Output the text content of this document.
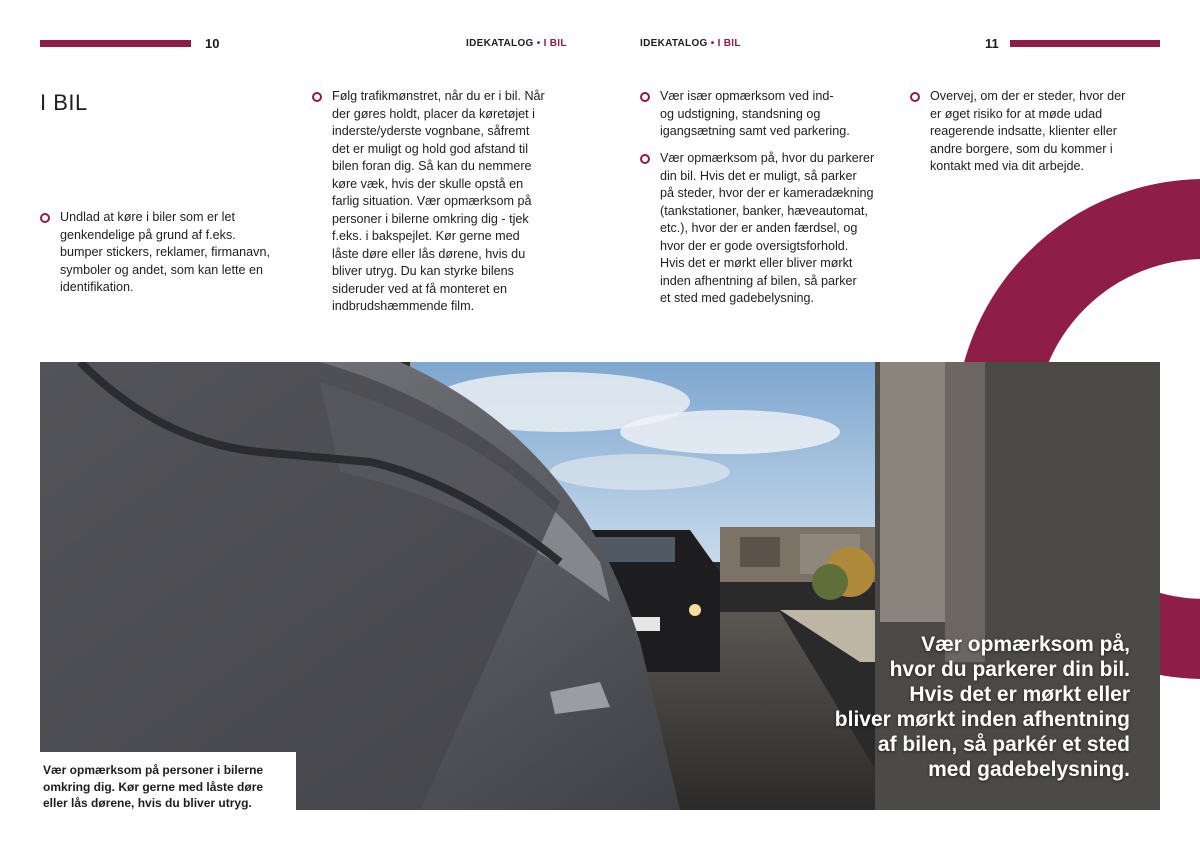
10	IDEKATALOG • I BIL	IDEKATALOG • I BIL	11
I BIL
Undlad at køre i biler som er let
genkendelige på grund af f.eks.
bumper stickers, reklamer, firmanavn,
symboler og andet, som kan lette en
identifikation.
Følg trafikmønstret, når du er i bil. Når
der gøres holdt, placer da køretøjet i
inderste/yderste vognbane, såfremt
det er muligt og hold god afstand til
bilen foran dig. Så kan du nemmere
køre væk, hvis der skulle opstå en
farlig situation. Vær opmærksom på
personer i bilerne omkring dig - tjek
f.eks. i bakspejlet. Kør gerne med
låste døre eller lås dørene, hvis du
bliver utryg. Du kan styrke bilens
sideruder ved at få monteret en
indbrudshæmmende film.
Vær især opmærksom ved ind-
og udstigning, standsning og
igangsætning samt ved parkering.
Vær opmærksom på, hvor du parkerer
din bil. Hvis det er muligt, så parker
på steder, hvor der er kameradækning
(tankstationer, banker, hæveautomat,
etc.), hvor der er anden færdsel, og
hvor der er gode oversigtsforhold.
Hvis det er mørkt eller bliver mørkt
inden afhentning af bilen, så parker
et sted med gadebelysning.
Overvej, om der er steder, hvor der
er øget risiko for at møde udad
reagerende indsatte, klienter eller
andre borgere, som du kommer i
kontakt med via dit arbejde.
Vær opmærksom på,
hvor du parkerer din bil.
Hvis det er mørkt eller
bliver mørkt inden afhentning
af bilen, så parkér et sted
med gadebelysning.
Vær opmærksom på personer i bilerne
omkring dig. Kør gerne med låste døre
eller lås dørene, hvis du bliver utryg.
